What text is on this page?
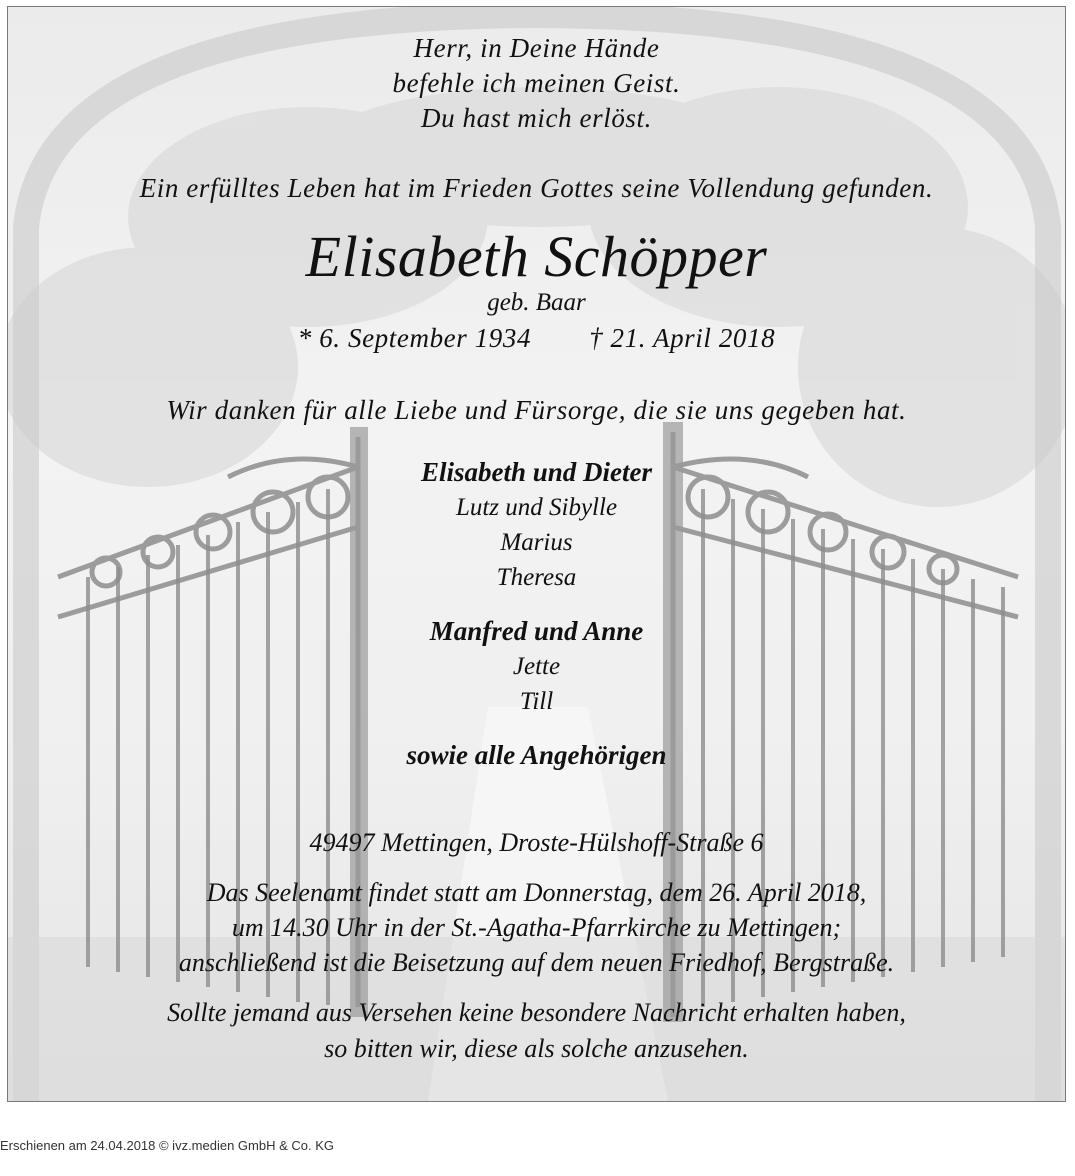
Herr, in Deine Hände
befehle ich meinen Geist.
Du hast mich erlöst.
Ein erfülltes Leben hat im Frieden Gottes seine Vollendung gefunden.
Elisabeth Schöpper
geb. Baar
* 6. September 1934 † 21. April 2018
Wir danken für alle Liebe und Fürsorge, die sie uns gegeben hat.
Elisabeth und Dieter
Lutz und Sibylle
Marius
Theresa
Manfred und Anne
Jette
Till
sowie alle Angehörigen
49497 Mettingen, Droste-Hülshoff-Straße 6
Das Seelenamt findet statt am Donnerstag, dem 26. April 2018,
um 14.30 Uhr in der St.-Agatha-Pfarrkirche zu Mettingen;
anschließend ist die Beisetzung auf dem neuen Friedhof, Bergstraße.
Sollte jemand aus Versehen keine besondere Nachricht erhalten haben,
so bitten wir, diese als solche anzusehen.
Erschienen am 24.04.2018 © ivz.medien GmbH & Co. KG
